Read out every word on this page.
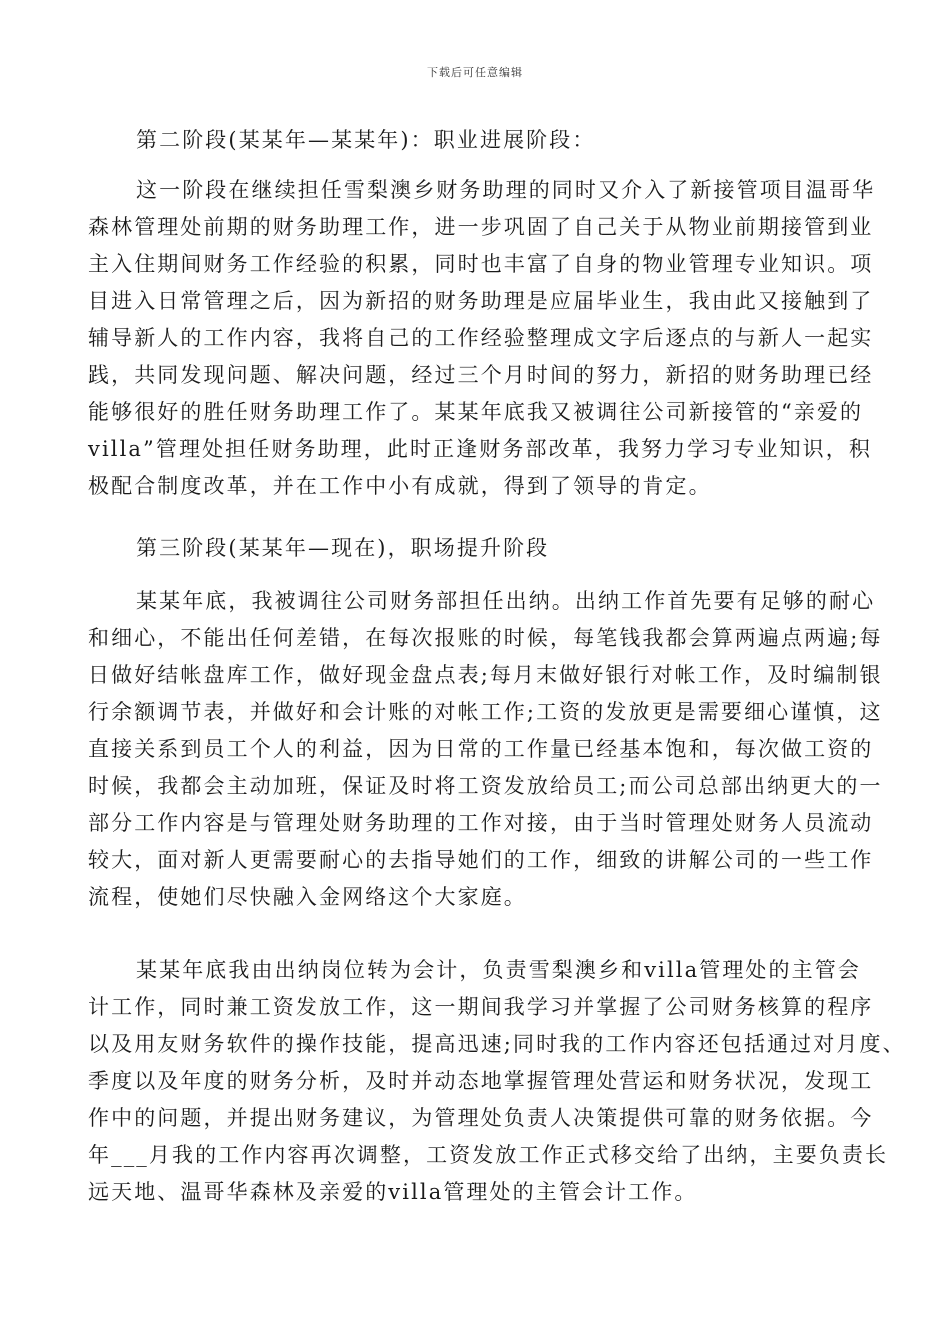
下载后可任意编辑
第二阶段(某某年—某某年)：职业进展阶段：
这一阶段在继续担任雪梨澳乡财务助理的同时又介入了新接管项目温哥华
森林管理处前期的财务助理工作，进一步巩固了自己关于从物业前期接管到业
主入住期间财务工作经验的积累，同时也丰富了自身的物业管理专业知识。项
目进入日常管理之后，因为新招的财务助理是应届毕业生，我由此又接触到了
辅导新人的工作内容，我将自己的工作经验整理成文字后逐点的与新人一起实
践，共同发现问题、解决问题，经过三个月时间的努力，新招的财务助理已经
能够很好的胜任财务助理工作了。某某年底我又被调往公司新接管的“亲爱的
villa”管理处担任财务助理，此时正逢财务部改革，我努力学习专业知识，积
极配合制度改革，并在工作中小有成就，得到了领导的肯定。
第三阶段(某某年—现在)，职场提升阶段
某某年底，我被调往公司财务部担任出纳。出纳工作首先要有足够的耐心
和细心，不能出任何差错，在每次报账的时候，每笔钱我都会算两遍点两遍;每
日做好结帐盘库工作，做好现金盘点表;每月末做好银行对帐工作，及时编制银
行余额调节表，并做好和会计账的对帐工作;工资的发放更是需要细心谨慎，这
直接关系到员工个人的利益，因为日常的工作量已经基本饱和，每次做工资的
时候，我都会主动加班，保证及时将工资发放给员工;而公司总部出纳更大的一
部分工作内容是与管理处财务助理的工作对接，由于当时管理处财务人员流动
较大，面对新人更需要耐心的去指导她们的工作，细致的讲解公司的一些工作
流程，使她们尽快融入金网络这个大家庭。
某某年底我由出纳岗位转为会计，负责雪梨澳乡和villa管理处的主管会
计工作，同时兼工资发放工作，这一期间我学习并掌握了公司财务核算的程序
以及用友财务软件的操作技能，提高迅速;同时我的工作内容还包括通过对月度、
季度以及年度的财务分析，及时并动态地掌握管理处营运和财务状况，发现工
作中的问题，并提出财务建议，为管理处负责人决策提供可靠的财务依据。今
年___月我的工作内容再次调整，工资发放工作正式移交给了出纳，主要负责长
远天地、温哥华森林及亲爱的villa管理处的主管会计工作。
